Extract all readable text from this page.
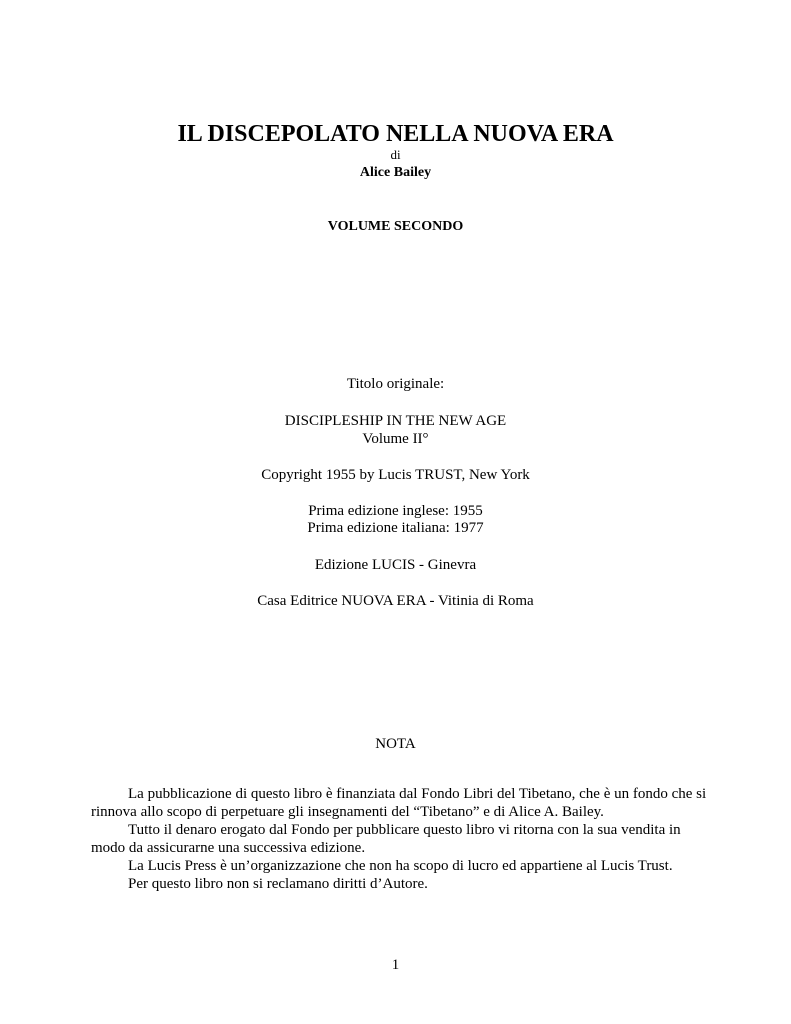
IL DISCEPOLATO NELLA NUOVA ERA
di
Alice Bailey
VOLUME SECONDO
Titolo originale:
DISCIPLESHIP IN THE NEW AGE
Volume II°
Copyright 1955 by Lucis TRUST, New York
Prima edizione inglese: 1955
Prima edizione italiana: 1977
Edizione LUCIS - Ginevra
Casa Editrice NUOVA ERA - Vitinia di Roma
NOTA

La pubblicazione di questo libro è finanziata dal Fondo Libri del Tibetano, che è un fondo che si rinnova allo scopo di perpetuare gli insegnamenti del “Tibetano” e di Alice A. Bailey.

Tutto il denaro erogato dal Fondo per pubblicare questo libro vi ritorna con la sua vendita in modo da assicurarne una successiva edizione.

La Lucis Press è un’organizzazione che non ha scopo di lucro ed appartiene al Lucis Trust.

Per questo libro non si reclamano diritti d’Autore.

1
